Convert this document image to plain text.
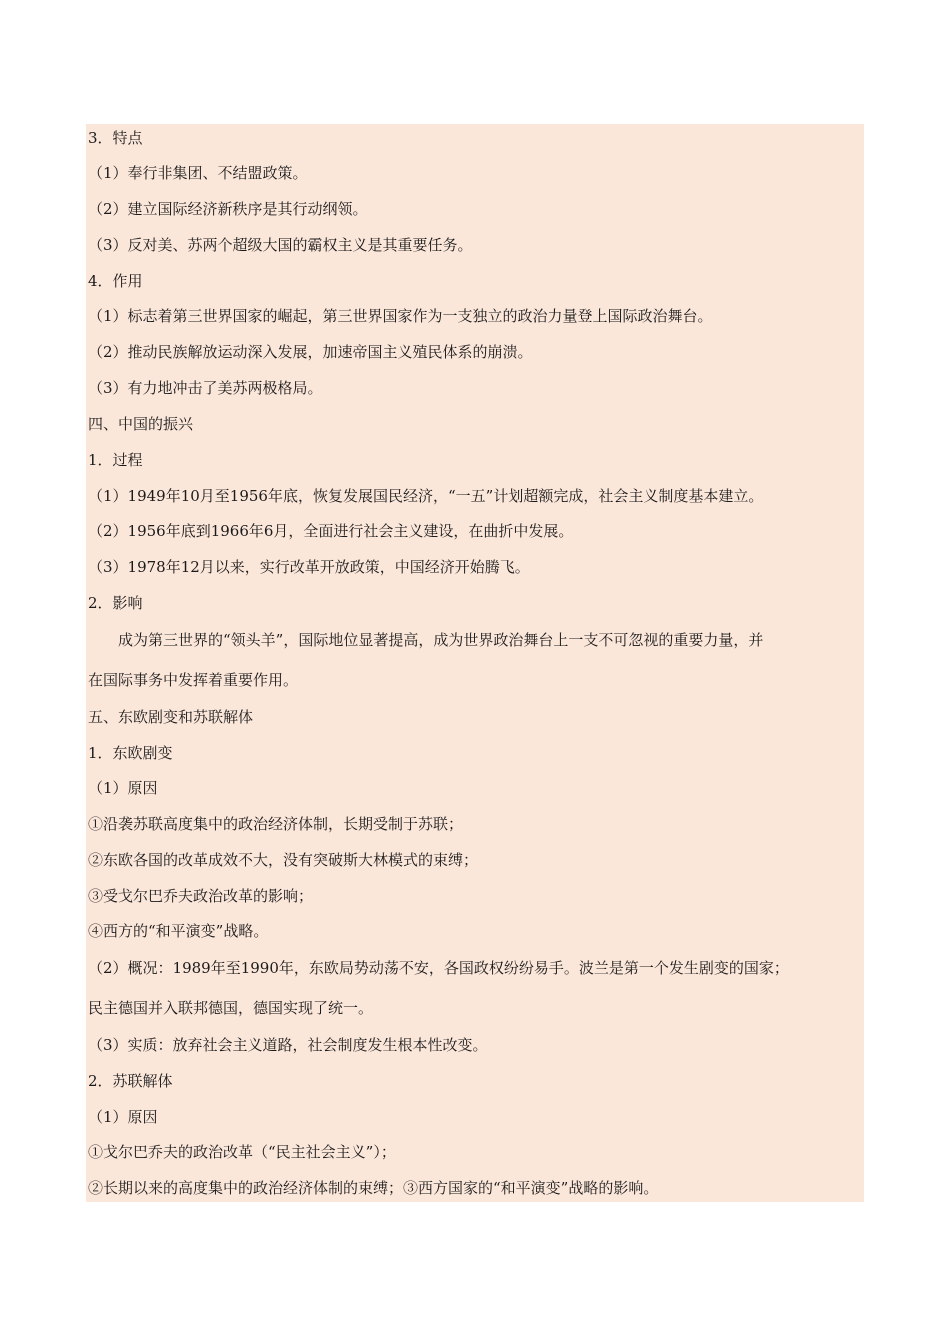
3．特点
（1）奉行非集团、不结盟政策。
（2）建立国际经济新秩序是其行动纲领。
（3）反对美、苏两个超级大国的霸权主义是其重要任务。
4．作用
（1）标志着第三世界国家的崛起，第三世界国家作为一支独立的政治力量登上国际政治舞台。
（2）推动民族解放运动深入发展，加速帝国主义殖民体系的崩溃。
（3）有力地冲击了美苏两极格局。
四、中国的振兴
1．过程
（1）1949年10月至1956年底，恢复发展国民经济，“一五”计划超额完成，社会主义制度基本建立。
（2）1956年底到1966年6月，全面进行社会主义建设，在曲折中发展。
（3）1978年12月以来，实行改革开放政策，中国经济开始腾飞。
2．影响
成为第三世界的“领头羊”，国际地位显著提高，成为世界政治舞台上一支不可忽视的重要力量，并
在国际事务中发挥着重要作用。
五、东欧剧变和苏联解体
1．东欧剧变
（1）原因
①沿袭苏联高度集中的政治经济体制，长期受制于苏联；
②东欧各国的改革成效不大，没有突破斯大林模式的束缚；
③受戈尔巴乔夫政治改革的影响；
④西方的“和平演变”战略。
（2）概况：1989年至1990年，东欧局势动荡不安，各国政权纷纷易手。波兰是第一个发生剧变的国家；
民主德国并入联邦德国，德国实现了统一。
（3）实质：放弃社会主义道路，社会制度发生根本性改变。
2．苏联解体
（1）原因
①戈尔巴乔夫的政治改革（“民主社会主义”）；
②长期以来的高度集中的政治经济体制的束缚；③西方国家的“和平演变”战略的影响。
